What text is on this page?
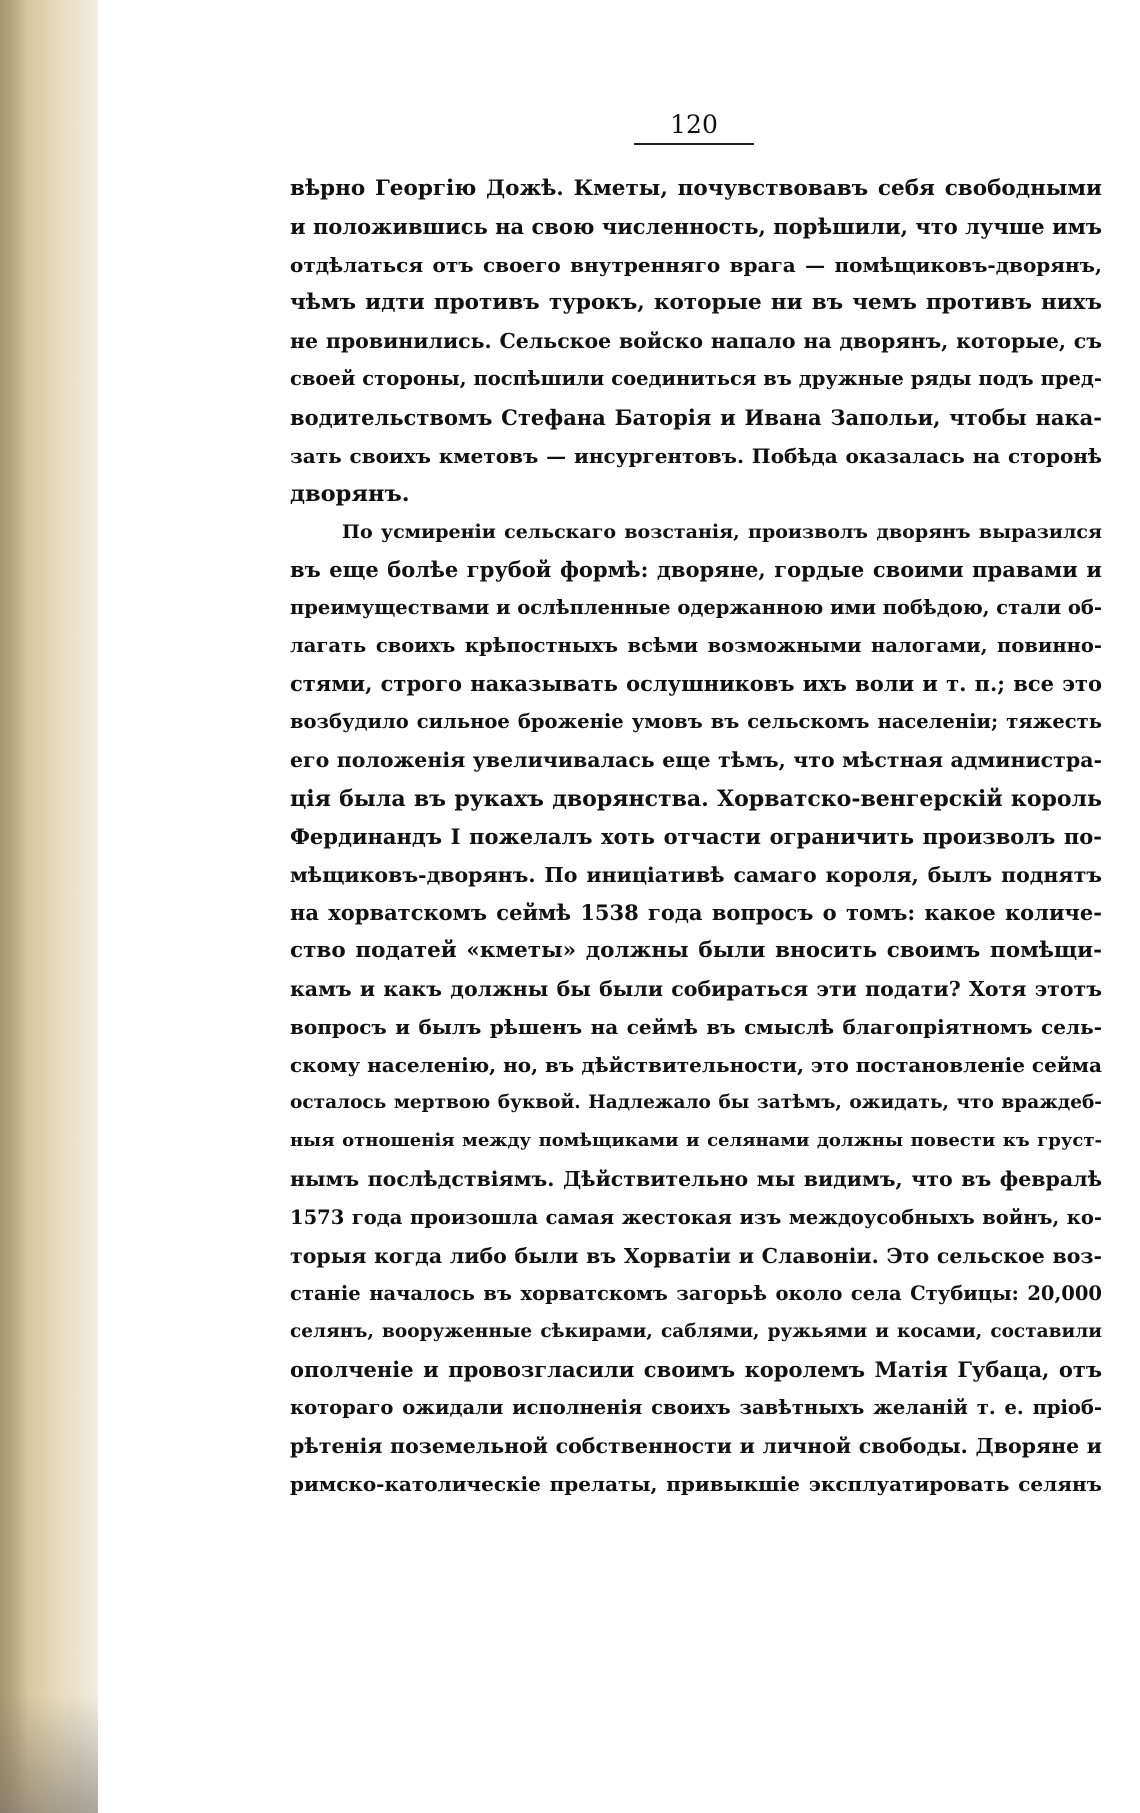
120
вѣрно Георгію Дожѣ. Кметы, почувствовавъ себя свободными
и положившись на свою численность, порѣшили, что лучше имъ
отдѣлаться отъ своего внутренняго врага — помѣщиковъ-дворянъ,
чѣмъ идти противъ турокъ, которые ни въ чемъ противъ нихъ
не провинились. Сельское войско напало на дворянъ, которые, съ
своей стороны, поспѣшили соединиться въ дружные ряды подъ пред-
водительствомъ Стефана Баторія и Ивана Запольи, чтобы нака-
зать своихъ кметовъ — инсургентовъ. Побѣда оказалась на сторонѣ
дворянъ.
По усмиреніи сельскаго возстанія, произволъ дворянъ выразился
въ еще болѣе грубой формѣ: дворяне, гордые своими правами и
преимуществами и ослѣпленные одержанною ими побѣдою, стали об-
лагать своихъ крѣпостныхъ всѣми возможными налогами, повинно-
стями, строго наказывать ослушниковъ ихъ воли и т. п.; все это
возбудило сильное броженіе умовъ въ сельскомъ населеніи; тяжесть
его положенія увеличивалась еще тѣмъ, что мѣстная администра-
ція была въ рукахъ дворянства. Хорватско-венгерскій король
Фердинандъ I пожелалъ хоть отчасти ограничить произволъ по-
мѣщиковъ-дворянъ. По иниціативѣ самаго короля, былъ поднятъ
на хорватскомъ сеймѣ 1538 года вопросъ о томъ: какое количе-
ство податей «кметы» должны были вносить своимъ помѣщи-
камъ и какъ должны бы были собираться эти подати? Хотя этотъ
вопросъ и былъ рѣшенъ на сеймѣ въ смыслѣ благопріятномъ сель-
скому населенію, но, въ дѣйствительности, это постановленіе сейма
осталось мертвою буквой. Надлежало бы затѣмъ, ожидать, что враждеб-
ныя отношенія между помѣщиками и селянами должны повести къ груст-
нымъ послѣдствіямъ. Дѣйствительно мы видимъ, что въ февралѣ
1573 года произошла самая жестокая изъ междоусобныхъ войнъ, ко-
торыя когда либо были въ Хорватіи и Славоніи. Это сельское воз-
станіе началось въ хорватскомъ загорьѣ около села Стубицы: 20,000
селянъ, вооруженные сѣкирами, саблями, ружьями и косами, составили
ополченіе и провозгласили своимъ королемъ Матія Губаца, отъ
котораго ожидали исполненія своихъ завѣтныхъ желаній т. е. прiоб-
рѣтенія поземельной собственности и личной свободы. Дворяне и
римско-католическіе прелаты, привыкшіе эксплуатировать селянъ
